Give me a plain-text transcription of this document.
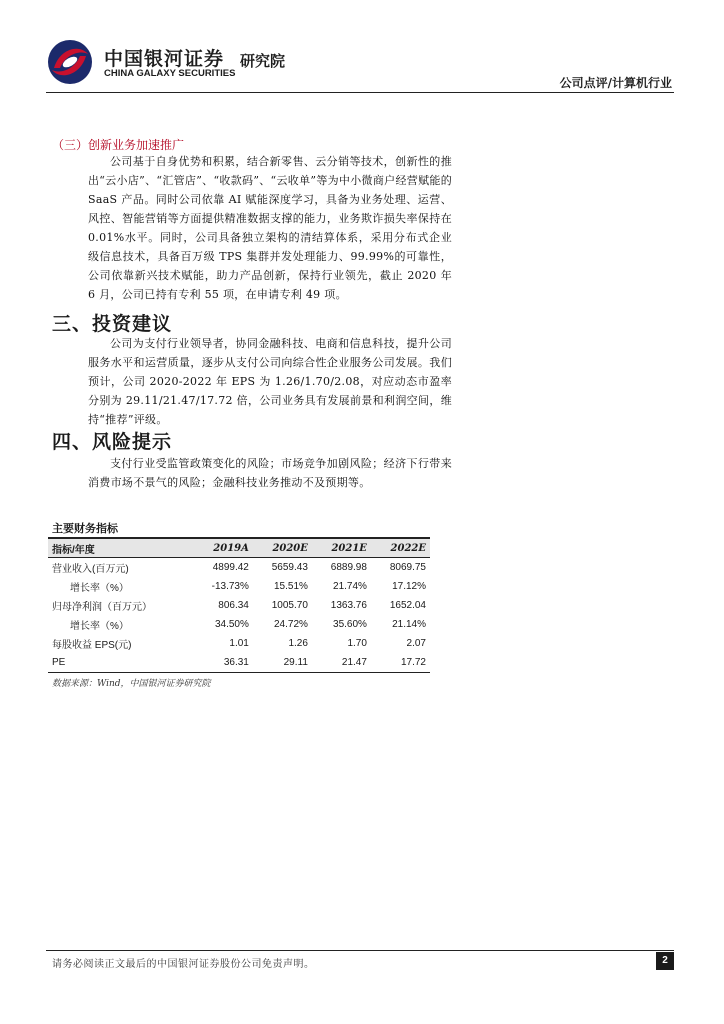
中国银河证券
CHINA GALAXY SECURITIES
研究院
公司点评/计算机行业
（三）创新业务加速推广

公司基于自身优势和积累，结合新零售、云分销等技术，创新性的推出“云小店”、“汇管店”、“收款码”、“云收单”等为中小微商户经营赋能的 SaaS 产品。同时公司依靠 AI 赋能深度学习，具备为业务处理、运营、风控、智能营销等方面提供精准数据支撑的能力，业务欺诈损失率保持在 0.01%水平。同时，公司具备独立架构的清结算体系，采用分布式企业级信息技术，具备百万级 TPS 集群并发处理能力、99.99%的可靠性，公司依靠新兴技术赋能，助力产品创新，保持行业领先，截止 2020 年 6 月，公司已持有专利 55 项，在申请专利 49 项。

三、投资建议

公司为支付行业领导者，协同金融科技、电商和信息科技，提升公司服务水平和运营质量，逐步从支付公司向综合性企业服务公司发展。我们预计，公司 2020-2022 年 EPS 为 1.26/1.70/2.08，对应动态市盈率分别为 29.11/21.47/17.72 倍，公司业务具有发展前景和利润空间，维持“推荐”评级。

四、风险提示

支付行业受监管政策变化的风险；市场竞争加剧风险；经济下行带来消费市场不景气的风险；金融科技业务推动不及预期等。

主要财务指标
指标/年度	2019A	2020E	2021E	2022E
营业收入(百万元)	4899.42	5659.43	6889.98	8069.75
增长率（%）	-13.73%	15.51%	21.74%	17.12%
归母净利润（百万元）	806.34	1005.70	1363.76	1652.04
增长率（%）	34.50%	24.72%	35.60%	21.14%
每股收益 EPS(元)	1.01	1.26	1.70	2.07
PE	36.31	29.11	21.47	17.72
数据来源：Wind，中国银河证券研究院
请务必阅读正文最后的中国银河证券股份公司免责声明。	2
